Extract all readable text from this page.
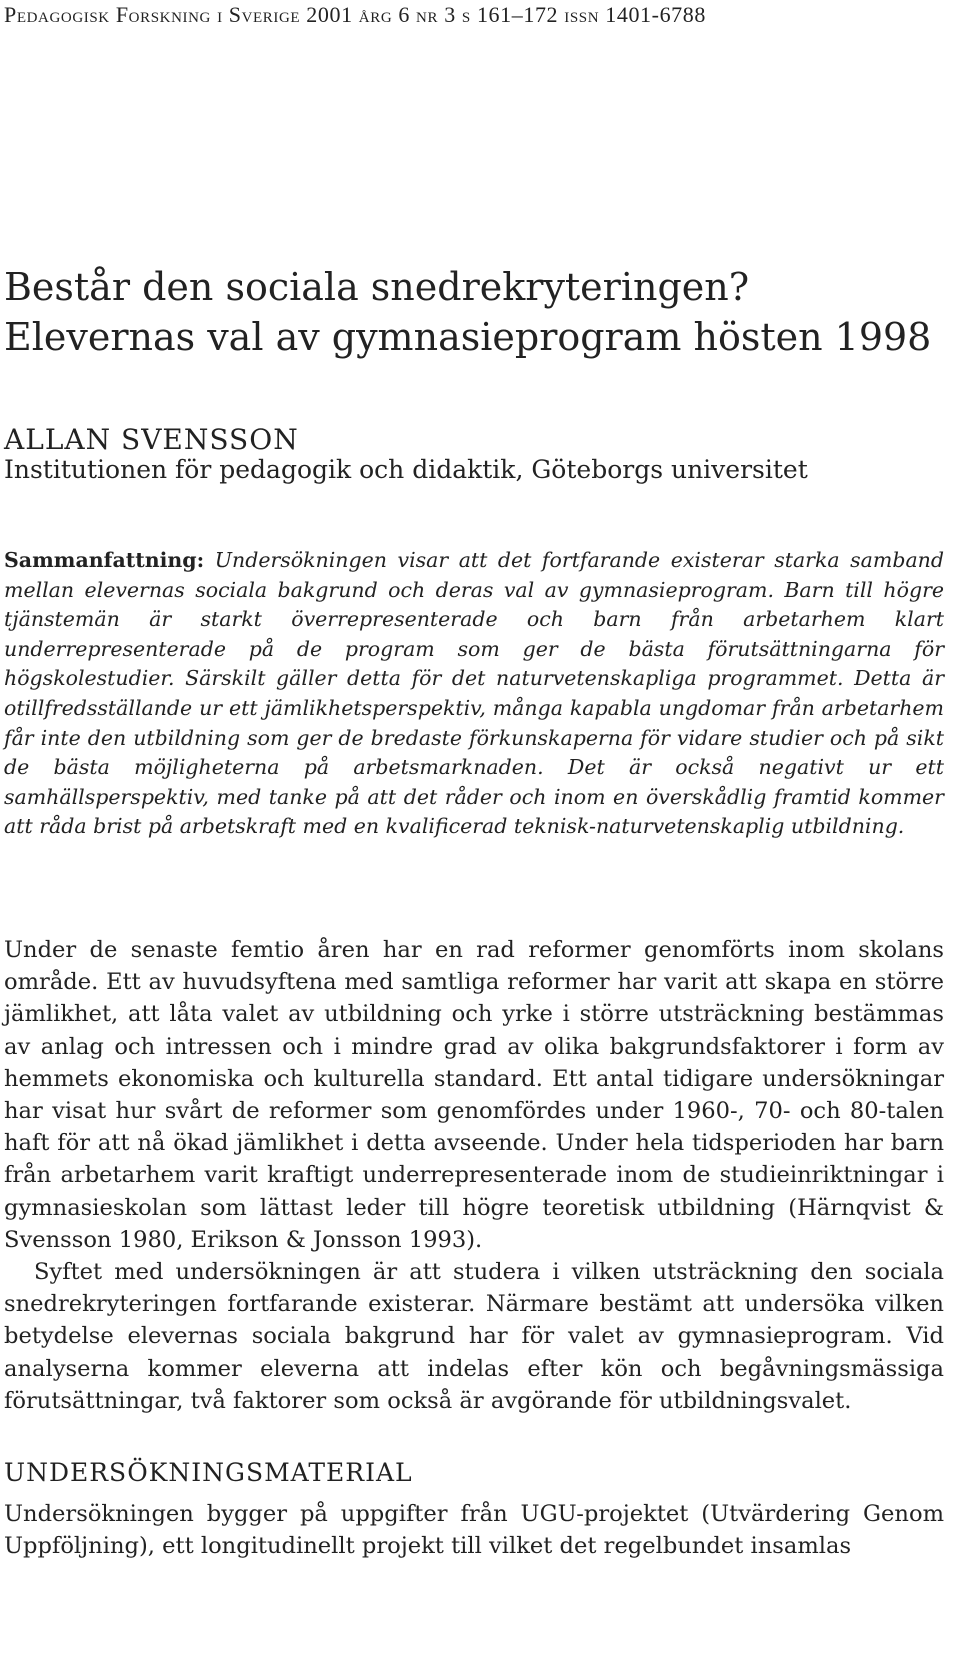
Pedagogisk Forskning i Sverige 2001 årg 6 nr 3 s 161–172 issn 1401-6788
Består den sociala snedrekryteringen?
Elevernas val av gymnasieprogram hösten 1998
ALLAN SVENSSON
Institutionen för pedagogik och didaktik, Göteborgs universitet

Sammanfattning: Undersökningen visar att det fortfarande existerar starka samband mellan elevernas sociala bakgrund och deras val av gymnasieprogram. Barn till högre tjänstemän är starkt överrepresenterade och barn från arbetarhem klart underrepresenterade på de program som ger de bästa förutsättningarna för högskolestudier. Särskilt gäller detta för det naturvetenskapliga programmet. Detta är otillfredsställande ur ett jämlikhetsperspektiv, många kapabla ungdomar från arbetarhem får inte den utbildning som ger de bredaste förkunskaperna för vidare studier och på sikt de bästa möjligheterna på arbetsmarknaden. Det är också negativt ur ett samhällsperspektiv, med tanke på att det råder och inom en överskådlig framtid kommer att råda brist på arbetskraft med en kvalificerad teknisk-naturvetenskaplig utbildning.

Under de senaste femtio åren har en rad reformer genomförts inom skolans område. Ett av huvudsyftena med samtliga reformer har varit att skapa en större jämlikhet, att låta valet av utbildning och yrke i större utsträckning bestämmas av anlag och intressen och i mindre grad av olika bakgrundsfaktorer i form av hemmets ekonomiska och kulturella standard. Ett antal tidigare undersökningar har visat hur svårt de reformer som genomfördes under 1960-, 70- och 80-talen haft för att nå ökad jämlikhet i detta avseende. Under hela tidsperioden har barn från arbetarhem varit kraftigt underrepresenterade inom de studieinriktningar i gymnasieskolan som lättast leder till högre teoretisk utbildning (Härnqvist & Svensson 1980, Erikson & Jonsson 1993).

Syftet med undersökningen är att studera i vilken utsträckning den sociala snedrekryteringen fortfarande existerar. Närmare bestämt att undersöka vilken betydelse elevernas sociala bakgrund har för valet av gymnasieprogram. Vid analyserna kommer eleverna att indelas efter kön och begåvningsmässiga förutsättningar, två faktorer som också är avgörande för utbildningsvalet.

UNDERSÖKNINGSMATERIAL

Undersökningen bygger på uppgifter från UGU-projektet (Utvärdering Genom Uppföljning), ett longitudinellt projekt till vilket det regelbundet insamlas
